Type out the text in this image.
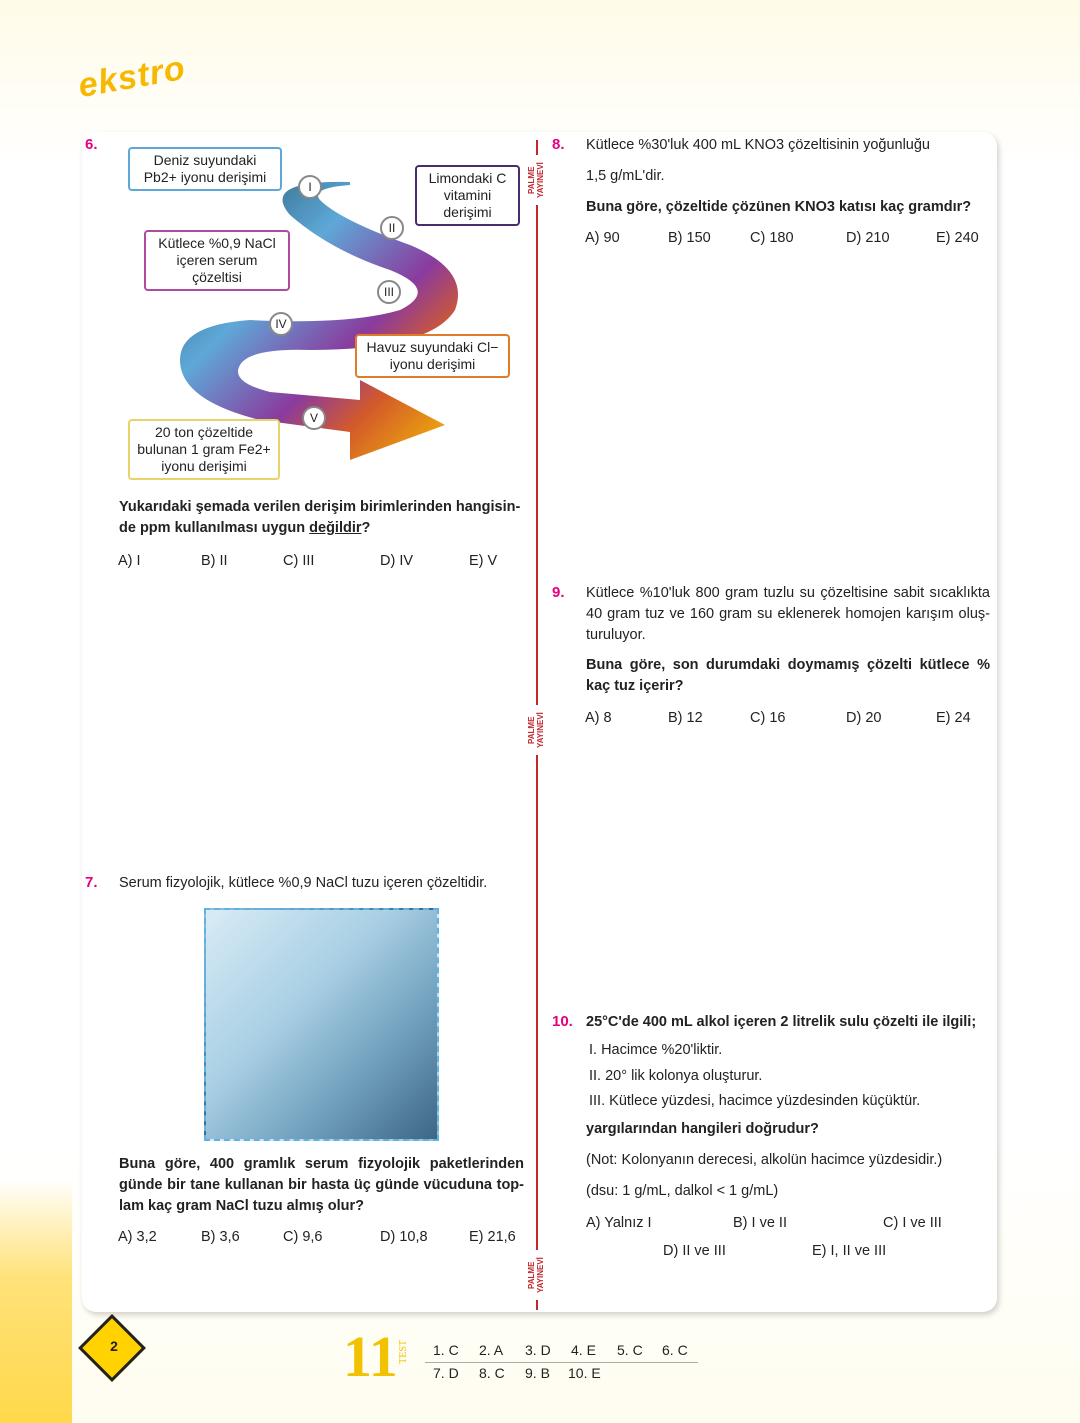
ekstro
PALME YAYINEVİ
PALME YAYINEVİ
PALME YAYINEVİ
6.
Deniz suyundaki Pb2+ iyonu derişimi	Limondaki C vitamini derişimi
Kütlece %0,9 NaCl içeren serum çözeltisi
Havuz suyundaki Cl− iyonu derişimi
20 ton çözeltide bulunan 1 gram Fe2+ iyonu derişimi
I
II
III
IV
V
Yukarıdaki şemada verilen derişim birimlerinden hangisin-de ppm kullanılması uygun değildir?
A) I	B) II	C) III	D) IV	E) V
7. Serum fizyolojik, kütlece %0,9 NaCl tuzu içeren çözeltidir.
Buna göre, 400 gramlık serum fizyolojik paketlerinden günde bir tane kullanan bir hasta üç günde vücuduna top-lam kaç gram NaCl tuzu almış olur?
A) 3,2	B) 3,6	C) 9,6	D) 10,8	E) 21,6
8. Kütlece %30'luk 400 mL KNO3 çözeltisinin yoğunluğu
1,5 g/mL'dir.
Buna göre, çözeltide çözünen KNO3 katısı kaç gramdır?
A) 90	B) 150	C) 180	D) 210	E) 240
9. Kütlece %10'luk 800 gram tuzlu su çözeltisine sabit sıcaklıkta 40 gram tuz ve 160 gram su eklenerek homojen karışım oluş-turuluyor.
Buna göre, son durumdaki doymamış çözelti kütlece % kaç tuz içerir?
A) 8	B) 12	C) 16	D) 20	E) 24
10. 25°C'de 400 mL alkol içeren 2 litrelik sulu çözelti ile ilgili;
I. Hacimce %20'liktir.
II. 20° lik kolonya oluşturur.
III. Kütlece yüzdesi, hacimce yüzdesinden küçüktür.
yargılarından hangileri doğrudur?
(Not: Kolonyanın derecesi, alkolün hacimce yüzdesidir.)
(dsu: 1 g/mL, dalkol < 1 g/mL)
A) Yalnız I	B) I ve II	C) I ve III
D) II ve III	E) I, II ve III
2	11 TEST 1. C 2. A 3. D 4. E 5. C 6. C
7. D 8. C 9. B 10. E
